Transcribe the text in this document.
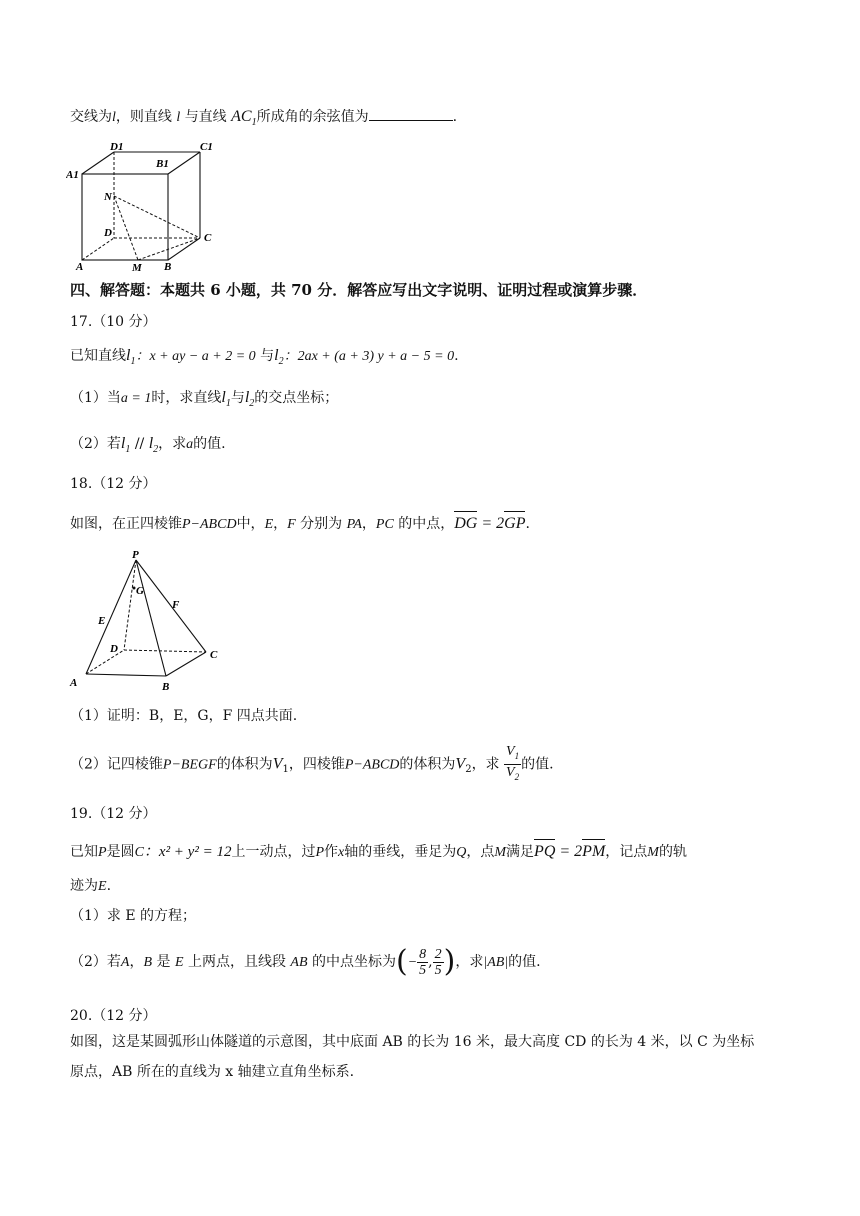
交线为l，则直线 l 与直线 $AC_1$所成角的余弦值为	.
D1
B1
C1
A1
N
D	C
A	M B
四、解答题：本题共 6 小题，共 70 分．解答应写出文字说明、证明过程或演算步骤．
17.（10 分）
已知直线$l_1$：x + ay − a + 2 = 0 与$l_2$：2ax + (a + 3) y + a − 5 = 0.
（1）当a = 1时，求直线$l_1$与$l_2$的交点坐标；
（2）若$l_1 // l_2$，求a的值.
18.（12 分）
如图，在正四棱锥P−ABCD中，E，F 分别为 PA，PC 的中点，DG = 2GP.
P
G
F
E
D	C
A	B
（1）证明：B，E，G，F 四点共面.
（2）记四棱锥P−BEGF的体积为$V_1$，四棱锥P−ABCD的体积为$V_2$，求 $\frac{V_1}{V_2}$ 的值.
19.（12 分）
已知P是圆C：x² + y² = 12上一动点，过P作x轴的垂线，垂足为Q，点M满足PQ = 2PM，记点M的轨
迹为E.
（1）求 E 的方程；
（2）若A，B 是 E 上两点，且线段 AB 的中点坐标为(− $\frac{8}{5}$ , $\frac{2}{5}$ )，求|AB|的值.
20.（12 分）
如图，这是某圆弧形山体隧道的示意图，其中底面 AB 的长为 16 米，最大高度 CD 的长为 4 米，以 C 为坐标
原点，AB 所在的直线为 x 轴建立直角坐标系.
